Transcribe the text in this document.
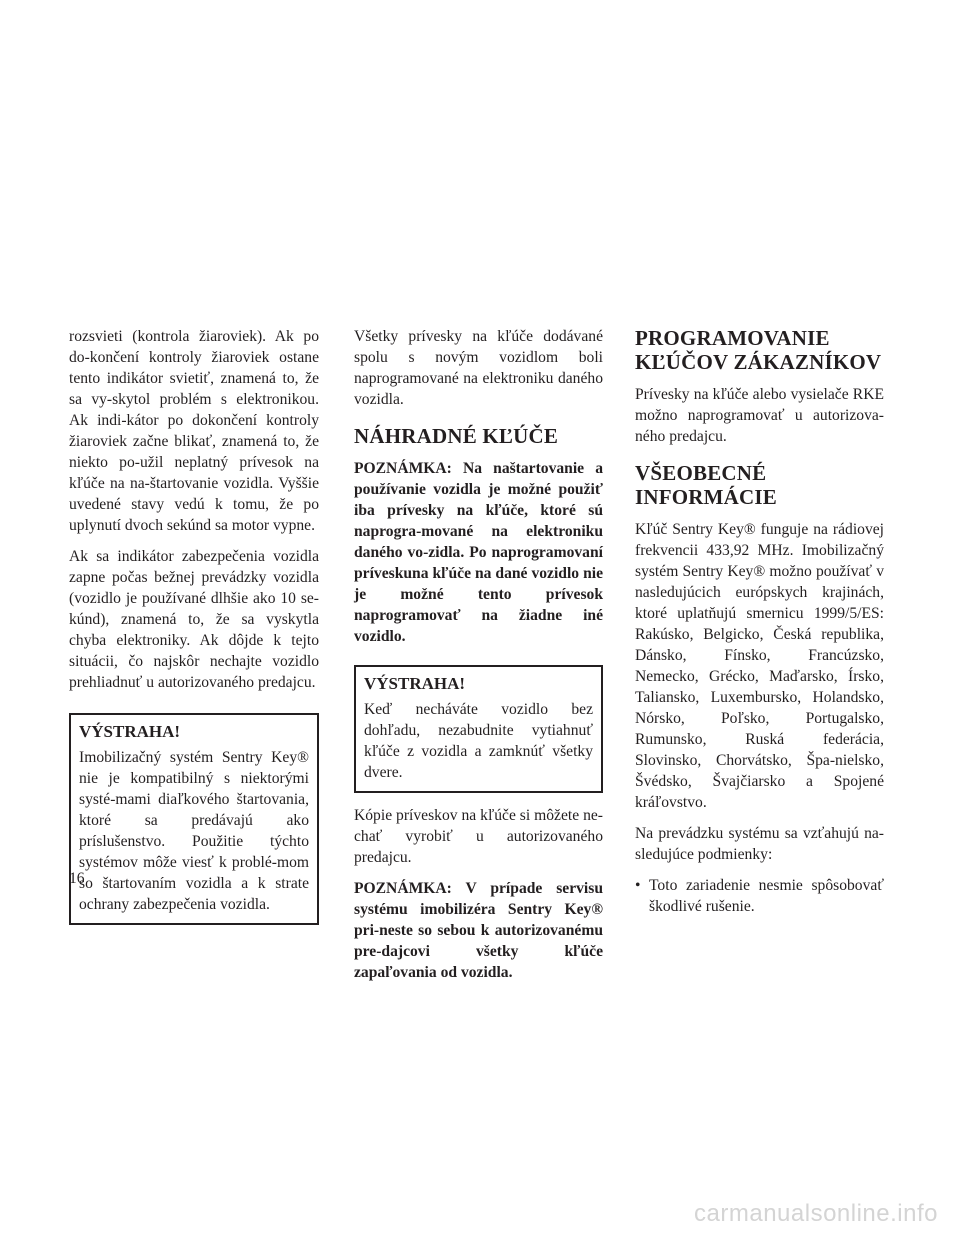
rozsvieti (kontrola žiaroviek). Ak po do-končení kontroly žiaroviek ostane tento indikátor svietiť, znamená to, že sa vy-skytol problém s elektronikou. Ak indi-kátor po dokončení kontroly žiaroviek začne blikať, znamená to, že niekto po-užil neplatný prívesok na kľúče na na-štartovanie vozidla. Vyššie uvedené stavy vedú k tomu, že po uplynutí dvoch sekúnd sa motor vypne.

Ak sa indikátor zabezpečenia vozidla zapne počas bežnej prevádzky vozidla (vozidlo je používané dlhšie ako 10 se-kúnd), znamená to, že sa vyskytla chyba elektroniky. Ak dôjde k tejto situácii, čo najskôr nechajte vozidlo prehliadnuť u autorizovaného predajcu.

VÝSTRAHA!

Imobilizačný systém Sentry Key® nie je kompatibilný s niektorými systé-mami diaľkového štartovania, ktoré sa predávajú ako príslušenstvo. Použitie týchto systémov môže viesť k problé-mom so štartovaním vozidla a k strate ochrany zabezpečenia vozidla.

Všetky prívesky na kľúče dodávané spolu s novým vozidlom boli naprogramované na elektroniku daného vozidla.

NÁHRADNÉ KĽÚČE

POZNÁMKA: Na naštartovanie a používanie vozidla je možné použiť iba prívesky na kľúče, ktoré sú naprogra-mované na elektroniku daného vo-zidla. Po naprogramovaní príveskuna kľúče na dané vozidlo nie je možné tento prívesok naprogramovať na žiadne iné vozidlo.

VÝSTRAHA!

Keď necháváte vozidlo bez dohľadu, nezabudnite vytiahnuť kľúče z vozidla a zamknúť všetky dvere.

Kópie príveskov na kľúče si môžete ne-chať vyrobiť u autorizovaného predajcu.

POZNÁMKA: V prípade servisu systému imobilizéra Sentry Key® pri-neste so sebou k autorizovanému pre-dajcovi všetky kľúče zapaľovania od vozidla.

PROGRAMOVANIE KĽÚČOV ZÁKAZNÍKOV

Prívesky na kľúče alebo vysielače RKE možno naprogramovať u autorizova-ného predajcu.

VŠEOBECNÉ INFORMÁCIE

Kľúč Sentry Key® funguje na rádiovej frekvencii 433,92 MHz. Imobilizačný systém Sentry Key® možno používať v nasledujúcich európskych krajinách, ktoré uplatňujú smernicu 1999/5/ES: Rakúsko, Belgicko, Česká republika, Dánsko, Fínsko, Francúzsko, Nemecko, Grécko, Maďarsko, Írsko, Taliansko, Luxembursko, Holandsko, Nórsko, Poľsko, Portugalsko, Rumunsko, Ruská federácia, Slovinsko, Chorvátsko, Špa-nielsko, Švédsko, Švajčiarsko a Spojené kráľovstvo.

Na prevádzku systému sa vzťahujú na-sledujúce podmienky:

• Toto zariadenie nesmie spôsobovať škodlivé rušenie.
16
carmanualsonline.info
